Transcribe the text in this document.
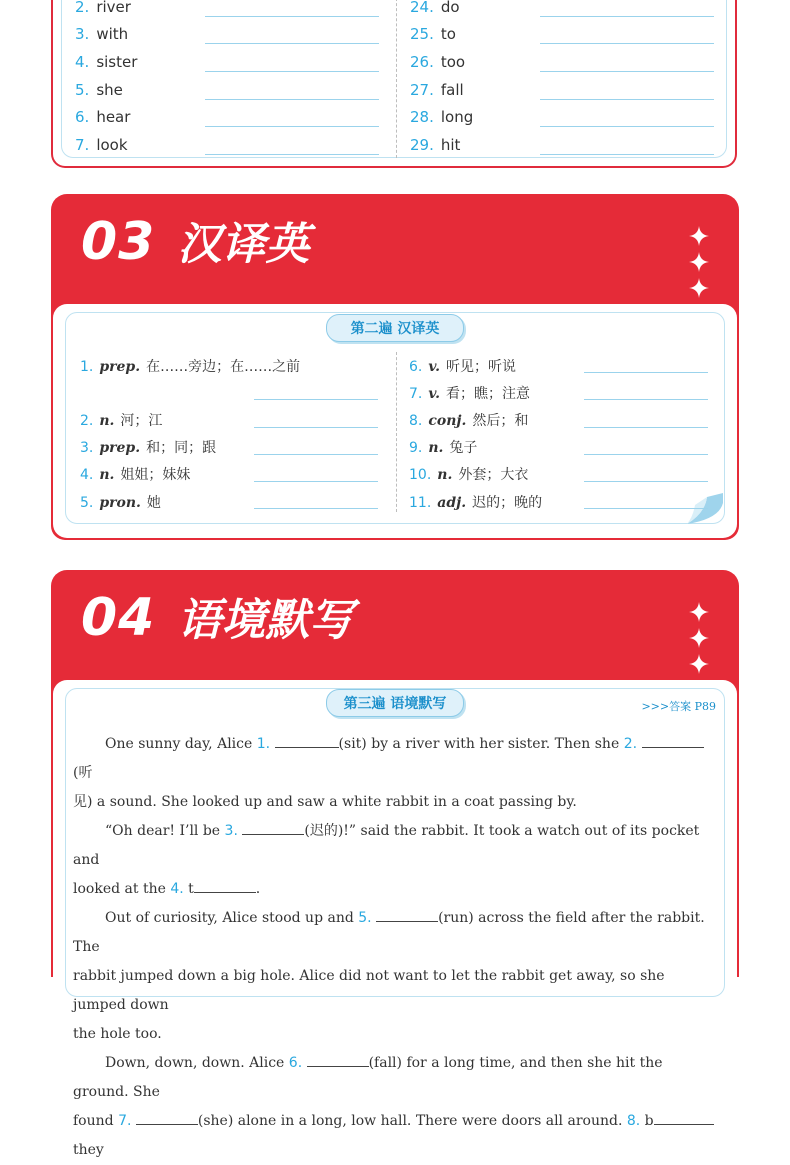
2. river
3. with
4. sister
5. she
6. hear
7. look
24. do
25. to
26. too
27. fall
28. long
29. hit
03 汉译英

第二遍 汉译英
1. prep. 在……旁边；在……之前
2. n. 河；江
3. prep. 和；同；跟
4. n. 姐姐；妹妹
5. pron. 她
6. v. 听见；听说
7. v. 看；瞧；注意
8. conj. 然后；和
9. n. 兔子
10. n. 外套；大衣
11. adj. 迟的；晚的
04 语境默写

第三遍 语境默写	>>>答案 P89
One sunny day, Alice 1.	(sit) by a river with her sister. Then she 2. (听
见) a sound. She looked up and saw a white rabbit in a coat passing by.
“Oh dear! I’ll be 3.	(迟的)!” said the rabbit. It took a watch out of its pocket and
looked at the 4. t	.
Out of curiosity, Alice stood up and 5.	(run) across the field after the rabbit. The
rabbit jumped down a big hole. Alice did not want to let the rabbit get away, so she jumped down
the hole too.
Down, down, down. Alice 6.	(fall) for a long time, and then she hit the ground. She
found 7.	(she) alone in a long, low hall. There were doors all around. 8. b they
